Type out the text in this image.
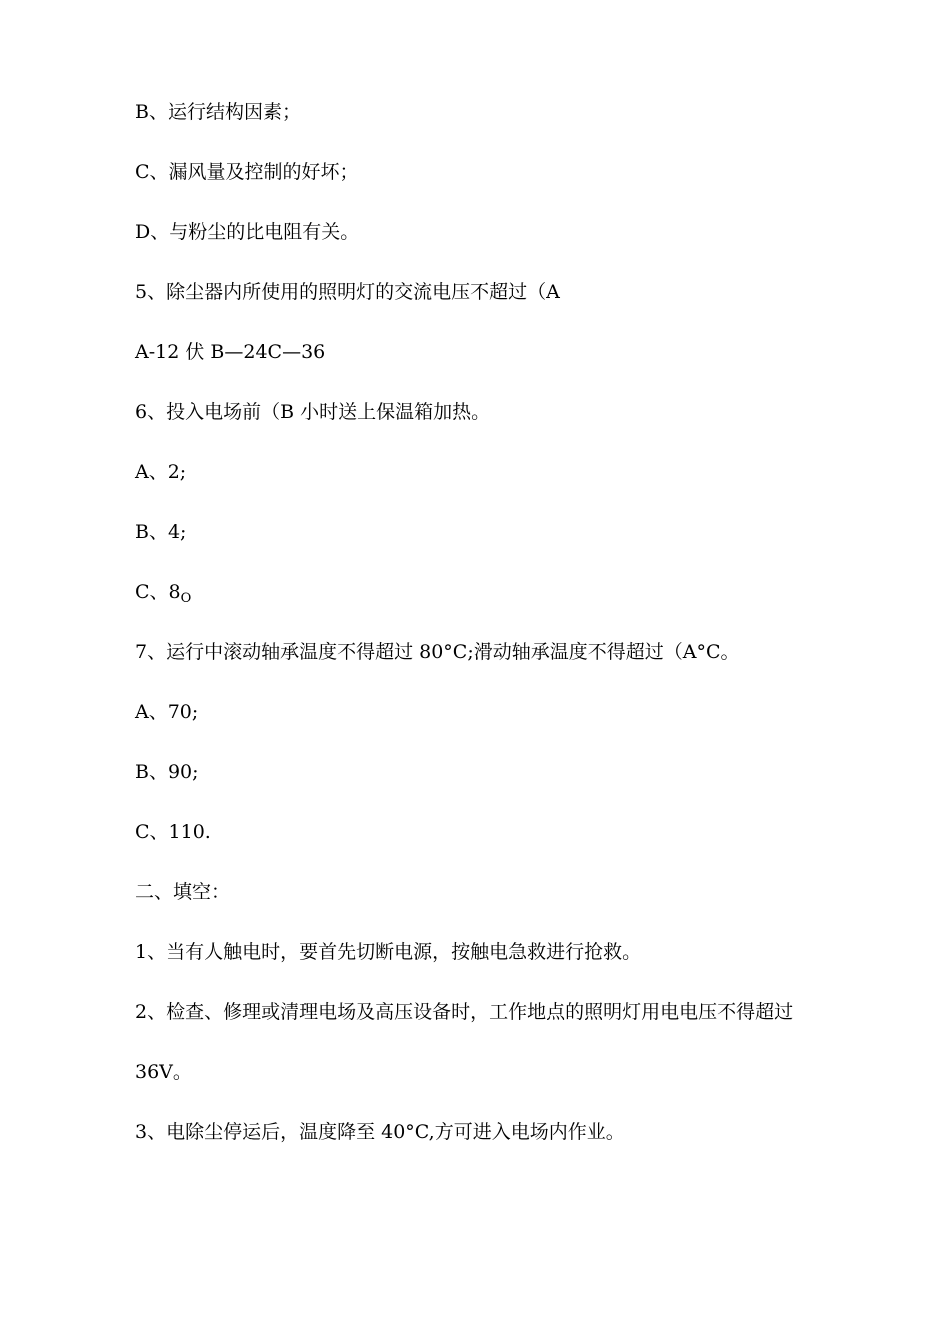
B、运行结构因素；
C、漏风量及控制的好坏；
D、与粉尘的比电阻有关。
5、除尘器内所使用的照明灯的交流电压不超过（A
A-12 伏 B—24C—36
6、投入电场前（B 小时送上保温箱加热。
A、2;
B、4;
C、$8_O$
7、运行中滚动轴承温度不得超过 80°C;滑动轴承温度不得超过（A°C。
A、70;
B、90;
C、110.
二、填空：
1、当有人触电时，要首先切断电源，按触电急救进行抢救。
2、检查、修理或清理电场及高压设备时，工作地点的照明灯用电电压不得超过
36V。
3、电除尘停运后，温度降至 40°C,方可进入电场内作业。
